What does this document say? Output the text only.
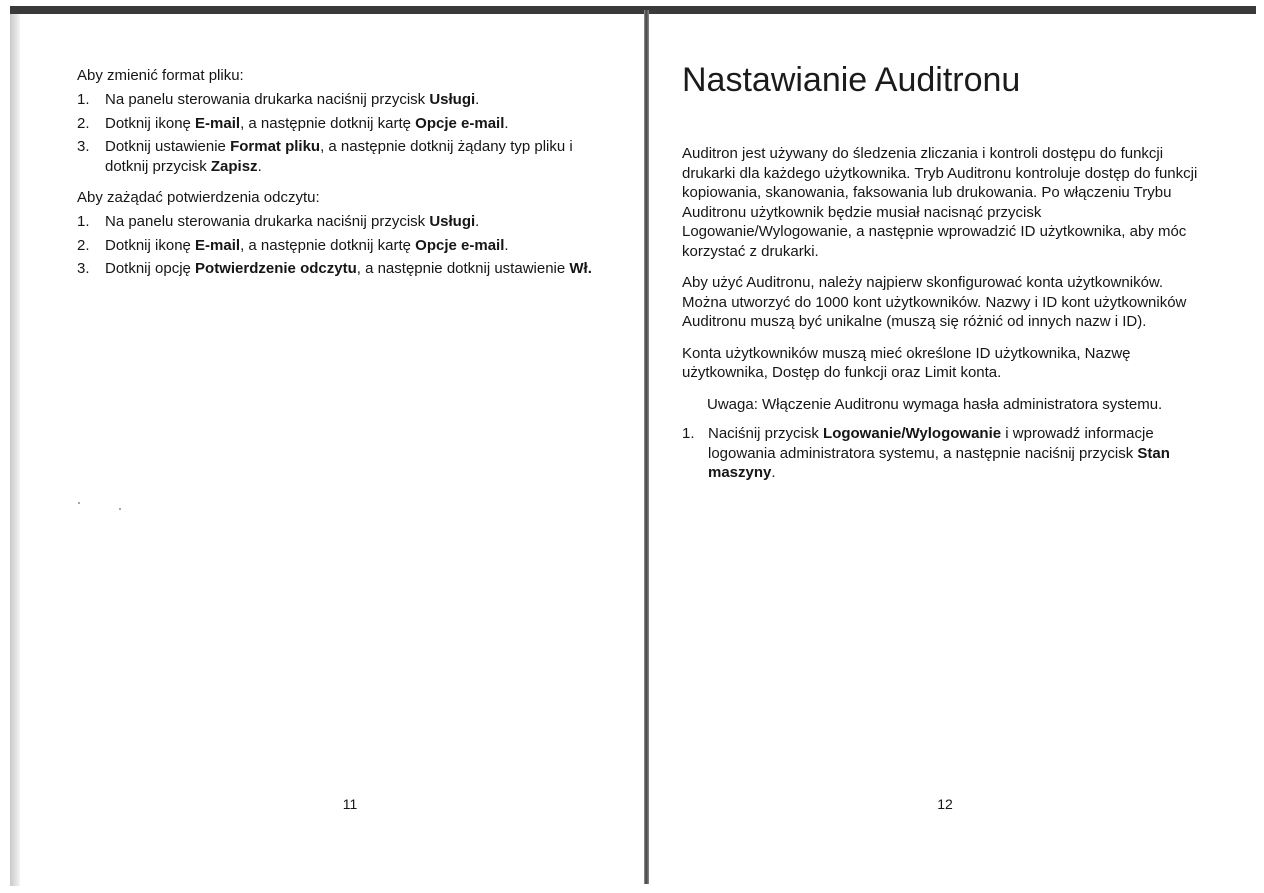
Aby zmienić format pliku:

1. Na panelu sterowania drukarka naciśnij przycisk Usługi.
2. Dotknij ikonę E-mail, a następnie dotknij kartę Opcje e-mail.
3. Dotknij ustawienie Format pliku, a następnie dotknij żądany typ pliku i dotknij przycisk Zapisz.

Aby zażądać potwierdzenia odczytu:

1. Na panelu sterowania drukarka naciśnij przycisk Usługi.
2. Dotknij ikonę E-mail, a następnie dotknij kartę Opcje e-mail.
3. Dotknij opcję Potwierdzenie odczytu, a następnie dotknij ustawienie Wł.
11
Nastawianie Auditronu

Auditron jest używany do śledzenia zliczania i kontroli dostępu do funkcji drukarki dla każdego użytkownika. Tryb Auditronu kontroluje dostęp do funkcji kopiowania, skanowania, faksowania lub drukowania. Po włączeniu Trybu Auditronu użytkownik będzie musiał nacisnąć przycisk Logowanie/Wylogowanie, a następnie wprowadzić ID użytkownika, aby móc korzystać z drukarki.

Aby użyć Auditronu, należy najpierw skonfigurować konta użytkowników. Można utworzyć do 1000 kont użytkowników. Nazwy i ID kont użytkowników Auditronu muszą być unikalne (muszą się różnić od innych nazw i ID).

Konta użytkowników muszą mieć określone ID użytkownika, Nazwę użytkownika, Dostęp do funkcji oraz Limit konta.

Uwaga: Włączenie Auditronu wymaga hasła administratora systemu.

1. Naciśnij przycisk Logowanie/Wylogowanie i wprowadź informacje logowania administratora systemu, a następnie naciśnij przycisk Stan maszyny.
12
